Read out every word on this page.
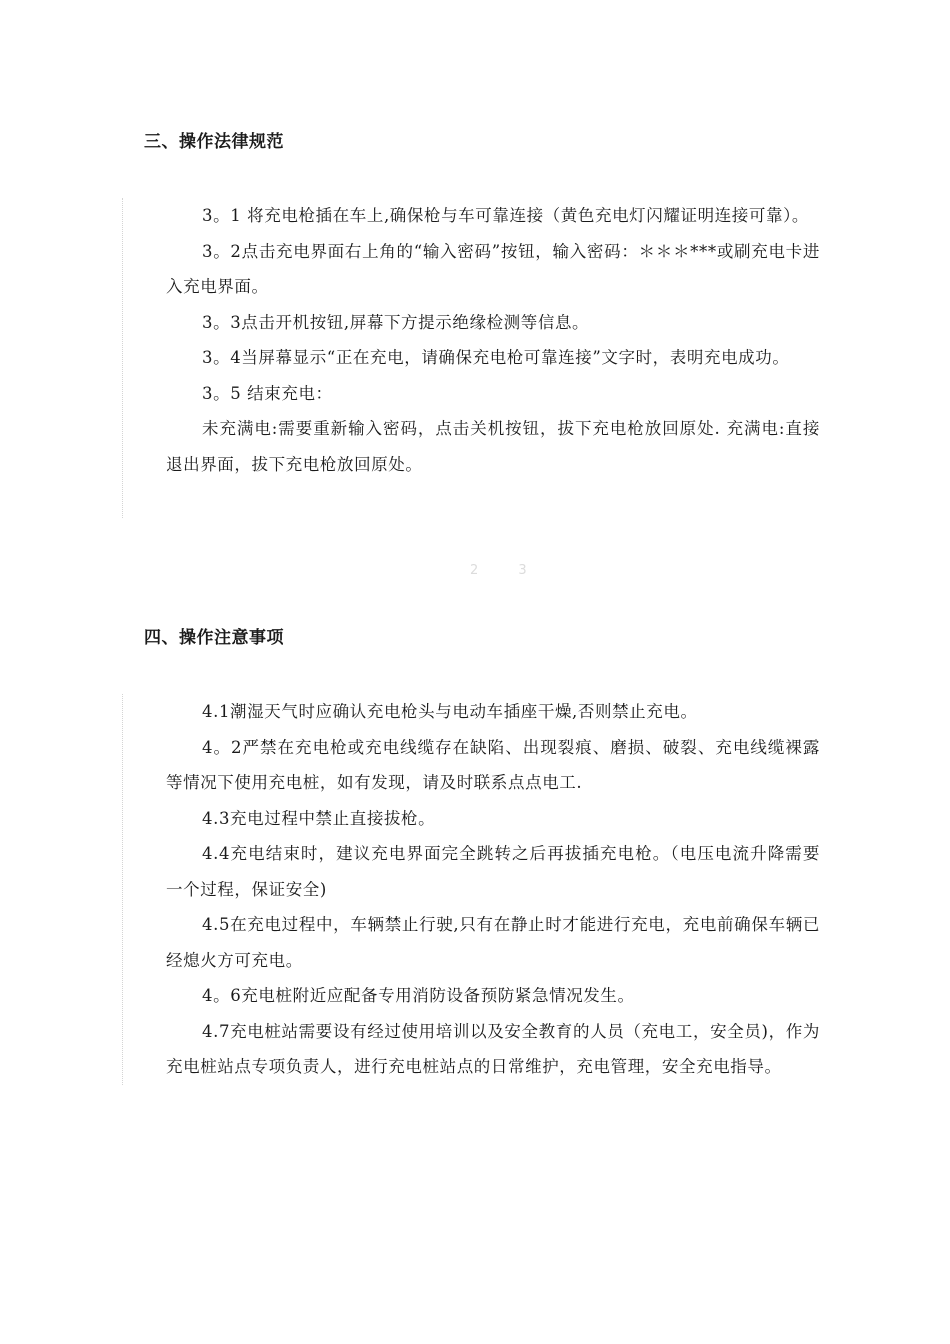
三、操作法律规范

3。1 将充电枪插在车上,确保枪与车可靠连接（黄色充电灯闪耀证明连接可靠）。

3。2点击充电界面右上角的“输入密码”按钮，输入密码：＊＊＊***或刷充电卡进入充电界面。

3。3点击开机按钮,屏幕下方提示绝缘检测等信息。

3。4当屏幕显示“正在充电，请确保充电枪可靠连接”文字时，表明充电成功。

3。5 结束充电：

未充满电:需要重新输入密码，点击关机按钮，拔下充电枪放回原处. 充满电:直接退出界面，拔下充电枪放回原处。

2 3
四、操作注意事项

4.1潮湿天气时应确认充电枪头与电动车插座干燥,否则禁止充电。

4。2严禁在充电枪或充电线缆存在缺陷、出现裂痕、磨损、破裂、充电线缆裸露等情况下使用充电桩，如有发现，请及时联系点点电工.

4.3充电过程中禁止直接拔枪。

4.4充电结束时，建议充电界面完全跳转之后再拔插充电枪。（电压电流升降需要一个过程，保证安全)

4.5在充电过程中，车辆禁止行驶,只有在静止时才能进行充电，充电前确保车辆已经熄火方可充电。

4。6充电桩附近应配备专用消防设备预防紧急情况发生。

4.7充电桩站需要设有经过使用培训以及安全教育的人员（充电工，安全员)，作为充电桩站点专项负责人，进行充电桩站点的日常维护，充电管理，安全充电指导。
